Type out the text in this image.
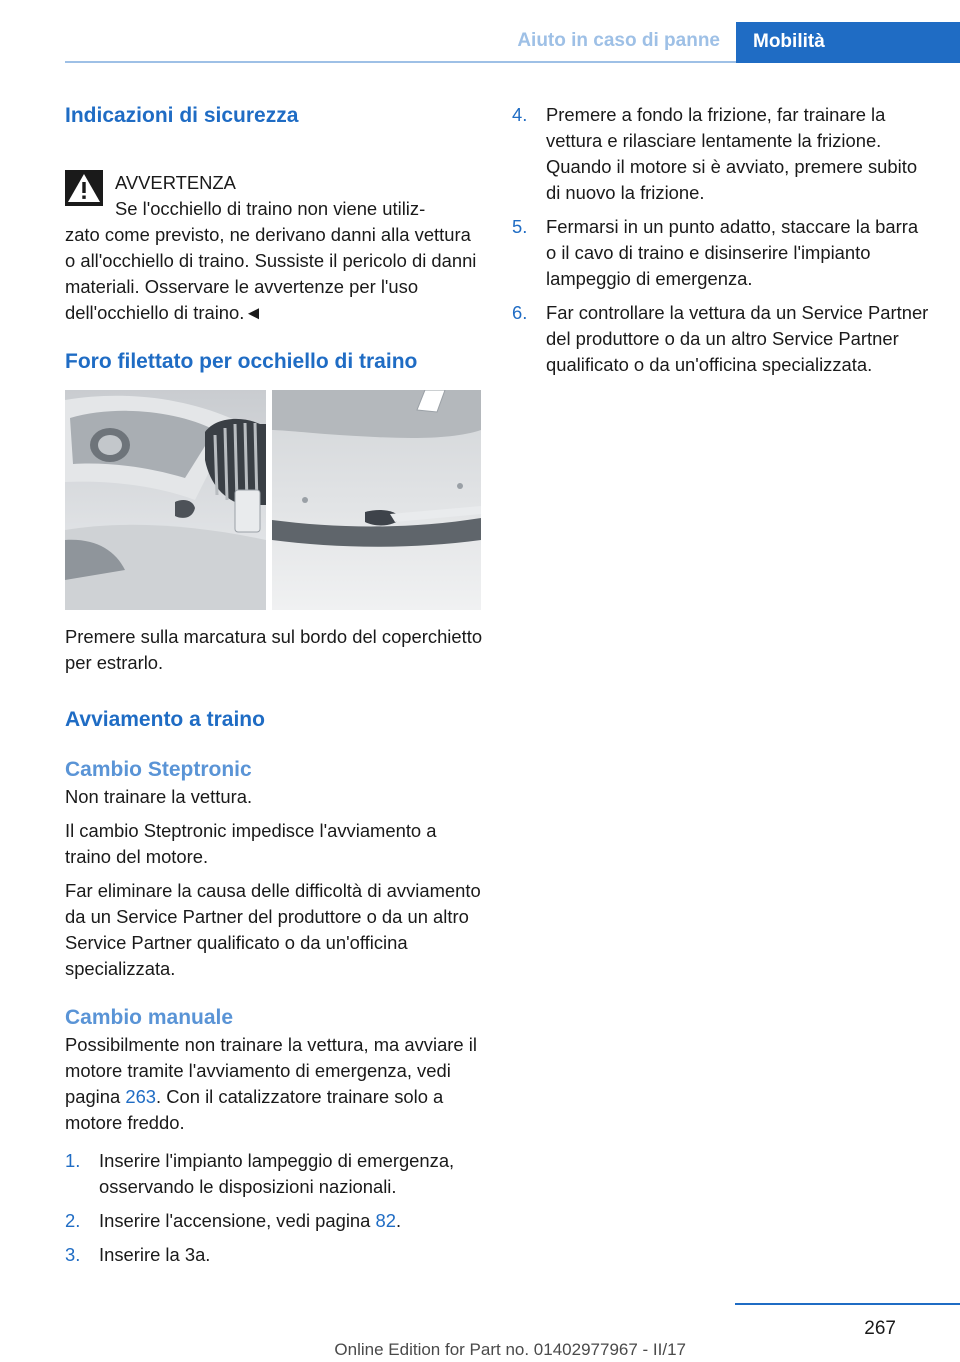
Aiuto in caso di panne Mobilità
Indicazioni di sicurezza

AVVERTENZA

Se l'occhiello di traino non viene utiliz-

zato come previsto, ne derivano danni alla vettura o all'occhiello di traino. Sussiste il pericolo di danni materiali. Osservare le avvertenze per l'uso dell'occhiello di traino.◄

Foro filettato per occhiello di traino

Premere sulla marcatura sul bordo del coperchietto per estrarlo.

Avviamento a traino
Cambio Steptronic

Non trainare la vettura.

Il cambio Steptronic impedisce l'avviamento a traino del motore.

Far eliminare la causa delle difficoltà di avviamento da un Service Partner del produttore o da un altro Service Partner qualificato o da un'officina specializzata.

Cambio manuale

Possibilmente non trainare la vettura, ma avviare il motore tramite l'avviamento di emergenza, vedi pagina 263. Con il catalizzatore trainare solo a motore freddo.

1. Inserire l'impianto lampeggio di emergenza, osservando le disposizioni nazionali.
2. Inserire l'accensione, vedi pagina 82.
3. Inserire la 3a.
4. Premere a fondo la frizione, far trainare la vettura e rilasciare lentamente la frizione. Quando il motore si è avviato, premere subito di nuovo la frizione.
5. Fermarsi in un punto adatto, staccare la barra o il cavo di traino e disinserire l'impianto lampeggio di emergenza.
6. Far controllare la vettura da un Service Partner del produttore o da un altro Service Partner qualificato o da un'officina specializzata.
267
Online Edition for Part no. 01402977967 - II/17
